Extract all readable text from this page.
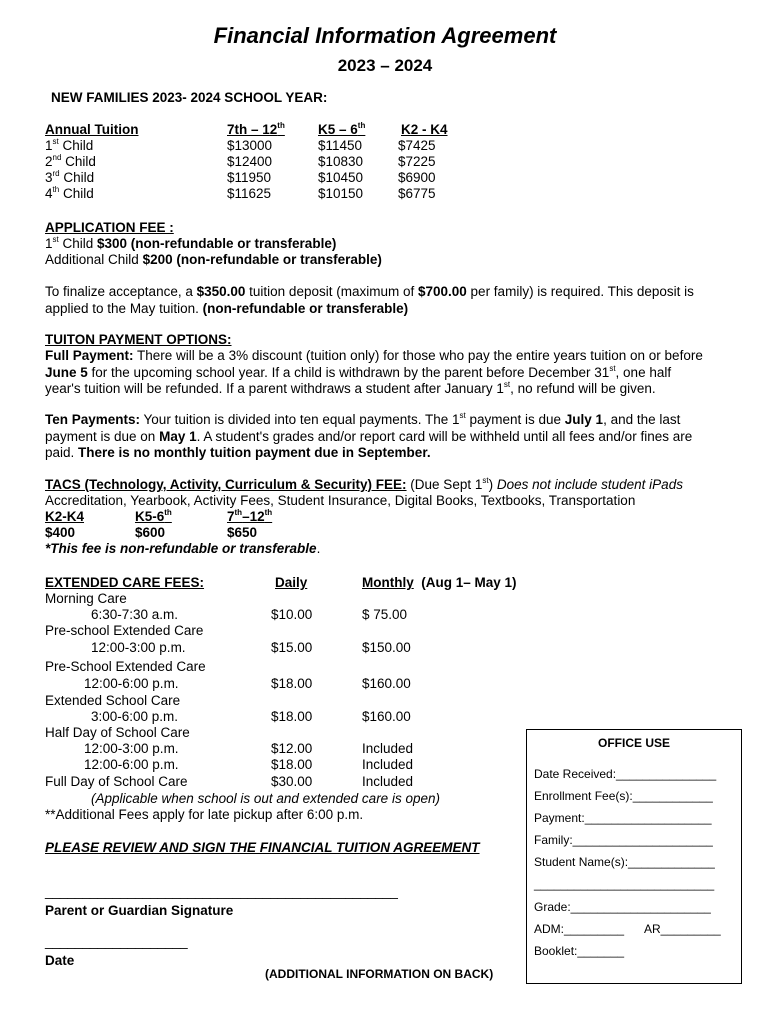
Financial Information Agreement
2023 – 2024
NEW FAMILIES 2023- 2024 SCHOOL YEAR:
Annual Tuition	7th – 12th K5 – 6th	K2 - K4
1st Child	$13000	$11450	$7425
2nd Child	$12400	$10830	$7225
3rd Child	$11950	$10450	$6900
4th Child	$11625	$10150	$6775
APPLICATION FEE :
1st Child $300 (non-refundable or transferable)
Additional Child $200 (non-refundable or transferable)
To finalize acceptance, a $350.00 tuition deposit (maximum of $700.00 per family) is required. This deposit is
applied to the May tuition. (non-refundable or transferable)
TUITON PAYMENT OPTIONS:
Full Payment: There will be a 3% discount (tuition only) for those who pay the entire years tuition on or before
June 5 for the upcoming school year. If a child is withdrawn by the parent before December 31st, one half
year's tuition will be refunded. If a parent withdraws a student after January 1st, no refund will be given.
Ten Payments: Your tuition is divided into ten equal payments. The 1st payment is due July 1, and the last
payment is due on May 1. A student's grades and/or report card will be withheld until all fees and/or fines are
paid. There is no monthly tuition payment due in September.
TACS (Technology, Activity, Curriculum & Security) FEE: (Due Sept 1st) Does not include student iPads
Accreditation, Yearbook, Activity Fees, Student Insurance, Digital Books, Textbooks, Transportation
K2-K4	K5-6th	7th–12th
$400	$600	$650
*This fee is non-refundable or transferable.
EXTENDED CARE FEES:	Daily	Monthly (Aug 1– May 1)
Morning Care
6:30-7:30 a.m.	$10.00	$ 75.00
Pre-school Extended Care
12:00-3:00 p.m.	$15.00	$150.00
Pre-School Extended Care
12:00-6:00 p.m.	$18.00	$160.00
Extended School Care
3:00-6:00 p.m.	$18.00	$160.00
Half Day of School Care
12:00-3:00 p.m.	$12.00	Included
12:00-6:00 p.m.	$18.00	Included
Full Day of School Care	$30.00	Included
(Applicable when school is out and extended care is open)
**Additional Fees apply for late pickup after 6:00 p.m.
PLEASE REVIEW AND SIGN THE FINANCIAL TUITION AGREEMENT
_______________________________________________
Parent or Guardian Signature
___________________
Date
(ADDITIONAL INFORMATION ON BACK)
OFFICE USE
Date Received:_______________
Enrollment Fee(s):____________
Payment:___________________
Family:_____________________
Student Name(s):_____________
___________________________
Grade:_____________________
ADM:_________ AR_________
Booklet:_______
